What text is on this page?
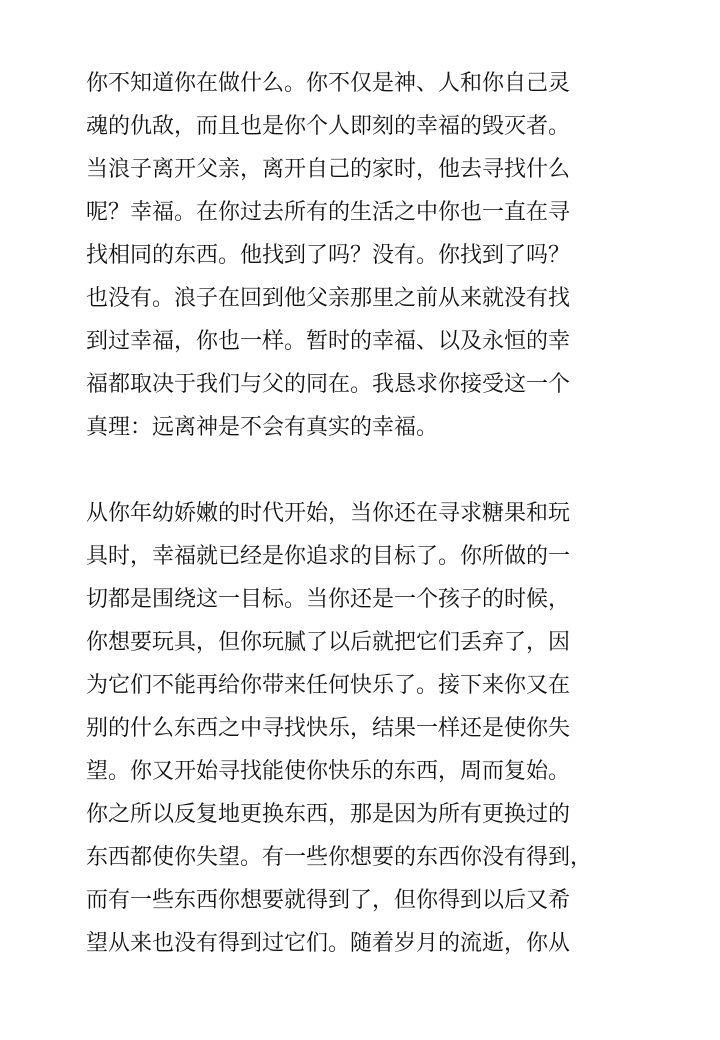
你不知道你在做什么。你不仅是神、人和你自己灵
魂的仇敌，而且也是你个人即刻的幸福的毁灭者。
当浪子离开父亲，离开自己的家时，他去寻找什么
呢？幸福。在你过去所有的生活之中你也一直在寻
找相同的东西。他找到了吗？没有。你找到了吗？
也没有。浪子在回到他父亲那里之前从来就没有找
到过幸福，你也一样。暂时的幸福、以及永恒的幸
福都取决于我们与父的同在。我恳求你接受这一个
真理：远离神是不会有真实的幸福。
从你年幼娇嫩的时代开始，当你还在寻求糖果和玩
具时，幸福就已经是你追求的目标了。你所做的一
切都是围绕这一目标。当你还是一个孩子的时候，
你想要玩具，但你玩腻了以后就把它们丢弃了，因
为它们不能再给你带来任何快乐了。接下来你又在
别的什么东西之中寻找快乐，结果一样还是使你失
望。你又开始寻找能使你快乐的东西，周而复始。
你之所以反复地更换东西，那是因为所有更换过的
东西都使你失望。有一些你想要的东西你没有得到，
而有一些东西你想要就得到了，但你得到以后又希
望从来也没有得到过它们。随着岁月的流逝，你从
